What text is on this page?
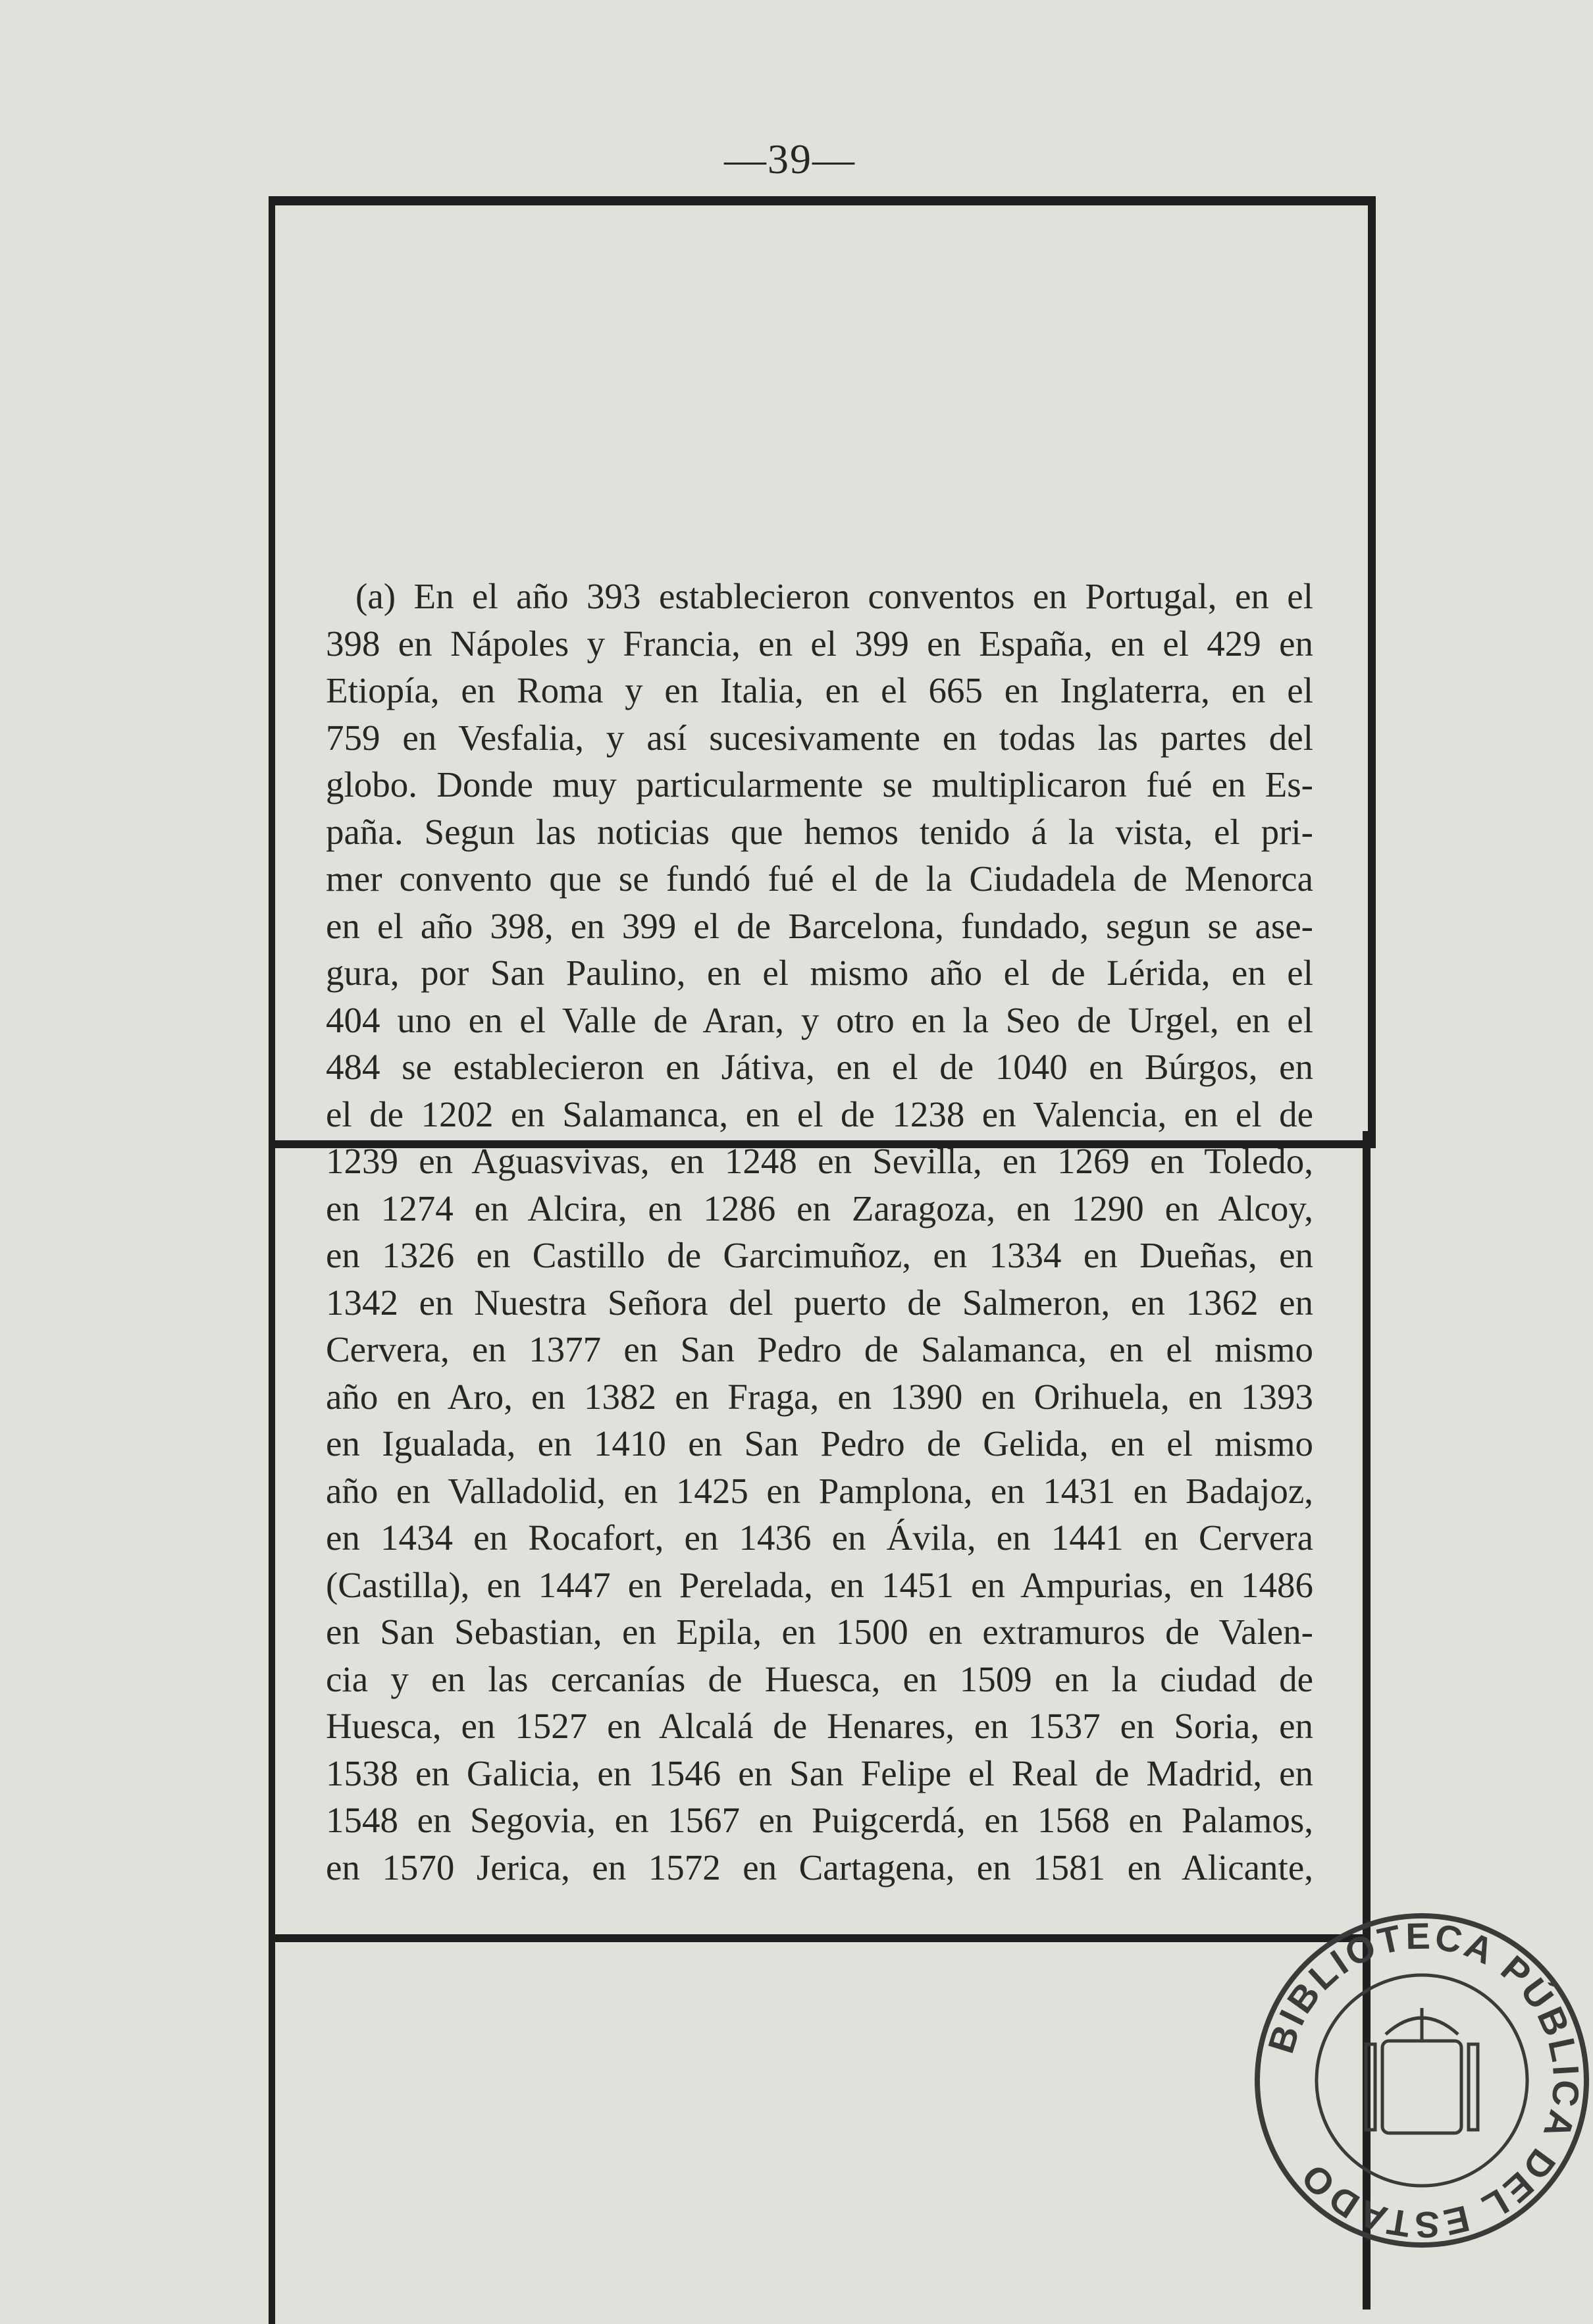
—39—
(a) En el año 393 establecieron conventos en Portugal, en el
398 en Nápoles y Francia, en el 399 en España, en el 429 en
Etiopía, en Roma y en Italia, en el 665 en Inglaterra, en el
759 en Vesfalia, y así sucesivamente en todas las partes del
globo. Donde muy particularmente se multiplicaron fué en Es-
paña. Segun las noticias que hemos tenido á la vista, el pri-
mer convento que se fundó fué el de la Ciudadela de Menorca
en el año 398, en 399 el de Barcelona, fundado, segun se ase-
gura, por San Paulino, en el mismo año el de Lérida, en el
404 uno en el Valle de Aran, y otro en la Seo de Urgel, en el
484 se establecieron en Játiva, en el de 1040 en Búrgos, en
el de 1202 en Salamanca, en el de 1238 en Valencia, en el de
1239 en Aguasvivas, en 1248 en Sevilla, en 1269 en Toledo,
en 1274 en Alcira, en 1286 en Zaragoza, en 1290 en Alcoy,
en 1326 en Castillo de Garcimuñoz, en 1334 en Dueñas, en
1342 en Nuestra Señora del puerto de Salmeron, en 1362 en
Cervera, en 1377 en San Pedro de Salamanca, en el mismo
año en Aro, en 1382 en Fraga, en 1390 en Orihuela, en 1393
en Igualada, en 1410 en San Pedro de Gelida, en el mismo
año en Valladolid, en 1425 en Pamplona, en 1431 en Badajoz,
en 1434 en Rocafort, en 1436 en Ávila, en 1441 en Cervera
(Castilla), en 1447 en Perelada, en 1451 en Ampurias, en 1486
en San Sebastian, en Epila, en 1500 en extramuros de Valen-
cia y en las cercanías de Huesca, en 1509 en la ciudad de
Huesca, en 1527 en Alcalá de Henares, en 1537 en Soria, en
1538 en Galicia, en 1546 en San Felipe el Real de Madrid, en
1548 en Segovia, en 1567 en Puigcerdá, en 1568 en Palamos,
en 1570 Jerica, en 1572 en Cartagena, en 1581 en Alicante,
BIBLIOTECA PÚBLICA DEL ESTADO
